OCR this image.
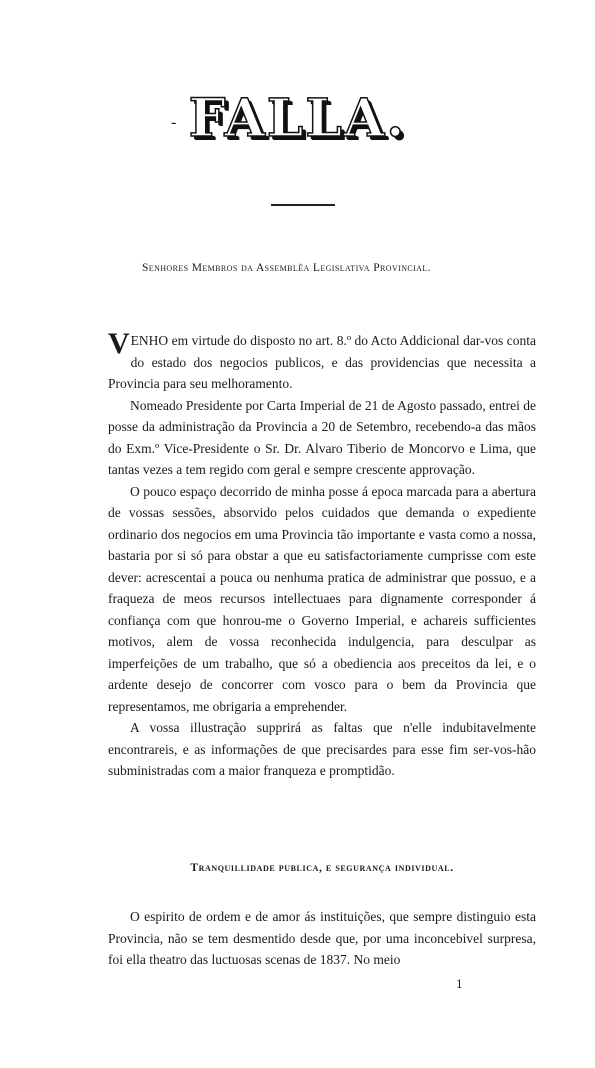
- FALLA.
Senhores Membros da Assemblêa Legislativa Provincial.

VENHO em virtude do disposto no art. 8.º do Acto Addicional dar-vos conta do estado dos negocios publicos, e das providencias que necessita a Provincia para seu melhoramento.

Nomeado Presidente por Carta Imperial de 21 de Agosto passado, entrei de posse da administração da Provincia a 20 de Setembro, recebendo-a das mãos do Exm.º Vice-Presidente o Sr. Dr. Alvaro Tiberio de Moncorvo e Lima, que tantas vezes a tem regido com geral e sempre crescente approvação.

O pouco espaço decorrido de minha posse á epoca marcada para a abertura de vossas sessões, absorvido pelos cuidados que demanda o expediente ordinario dos negocios em uma Provincia tão importante e vasta como a nossa, bastaria por si só para obstar a que eu satisfactoriamente cumprisse com este dever: acrescentai a pouca ou nenhuma pratica de administrar que possuo, e a fraqueza de meos recursos intellectuaes para dignamente corresponder á confiança com que honrou-me o Governo Imperial, e achareis sufficientes motivos, alem de vossa reconhecida indulgencia, para desculpar as imperfeições de um trabalho, que só a obediencia aos preceitos da lei, e o ardente desejo de concorrer com vosco para o bem da Provincia que representamos, me obrigaria a emprehender.

A vossa illustração supprirá as faltas que n'elle indubitavelmente encontrareis, e as informações de que precisardes para esse fim ser-vos-hão subministradas com a maior franqueza e promptidão.

Tranquillidade publica, e segurança individual.

O espirito de ordem e de amor ás instituições, que sempre distinguio esta Provincia, não se tem desmentido desde que, por uma inconcebivel surpresa, foi ella theatro das luctuosas scenas de 1837. No meio

1
